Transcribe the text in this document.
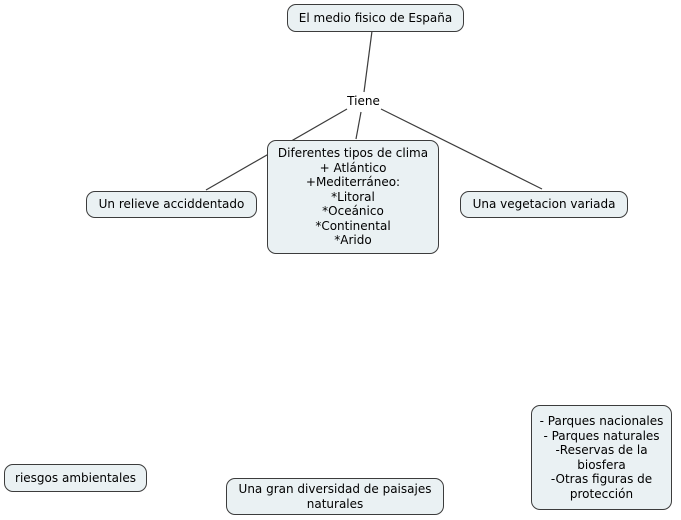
El medio fisico de España
Tiene
Un relieve acciddentado
Diferentes tipos de clima
+ Atlántico
+Mediterráneo:
*Litoral
*Oceánico
*Continental
*Arido
Una vegetacion variada
riesgos ambientales
Una gran diversidad de paisajes
naturales
- Parques nacionales
- Parques naturales
-Reservas de la
biosfera
-Otras figuras de
protección
